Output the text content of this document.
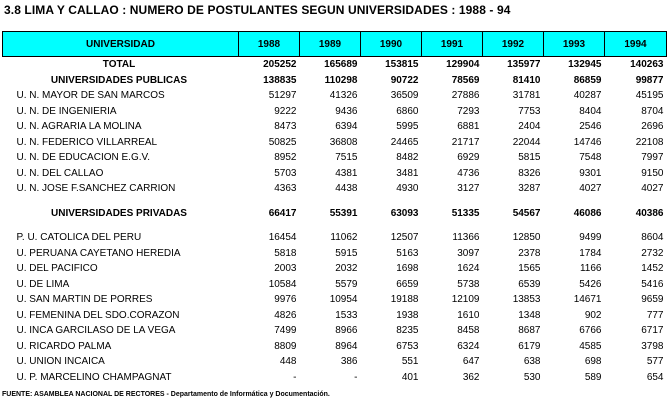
3.8 LIMA Y CALLAO : NUMERO DE POSTULANTES SEGUN UNIVERSIDADES : 1988 - 94
UNIVERSIDAD	1988	1989	1990	1991	1992	1993	1994
TOTAL	205252	165689	153815	129904	135977	132945	140263
UNIVERSIDADES PUBLICAS	138835	110298	90722	78569	81410	86859	99877
U. N. MAYOR DE SAN MARCOS	51297	41326	36509	27886	31781	40287	45195
U. N. DE INGENIERIA	9222	9436	6860	7293	7753	8404	8704
U. N. AGRARIA LA MOLINA	8473	6394	5995	6881	2404	2546	2696
U. N. FEDERICO VILLARREAL	50825	36808	24465	21717	22044	14746	22108
U. N. DE EDUCACION E.G.V.	8952	7515	8482	6929	5815	7548	7997
U. N. DEL CALLAO	5703	4381	3481	4736	8326	9301	9150
U. N. JOSE F.SANCHEZ CARRION	4363	4438	4930	3127	3287	4027	4027

UNIVERSIDADES PRIVADAS	66417	55391	63093	51335	54567	46086	40386

P. U. CATOLICA DEL PERU	16454	11062	12507	11366	12850	9499	8604
U. PERUANA CAYETANO HEREDIA	5818	5915	5163	3097	2378	1784	2732
U. DEL PACIFICO	2003	2032	1698	1624	1565	1166	1452
U. DE LIMA	10584	5579	6659	5738	6539	5426	5416
U. SAN MARTIN DE PORRES	9976	10954	19188	12109	13853	14671	9659
U. FEMENINA DEL SDO.CORAZON	4826	1533	1938	1610	1348	902	777
U. INCA GARCILASO DE LA VEGA	7499	8966	8235	8458	8687	6766	6717
U. RICARDO PALMA	8809	8964	6753	6324	6179	4585	3798
U. UNION INCAICA	448	386	551	647	638	698	577
U. P. MARCELINO CHAMPAGNAT	-	-	401	362	530	589	654
FUENTE: ASAMBLEA NACIONAL DE RECTORES - Departamento de Informática y Documentación.
